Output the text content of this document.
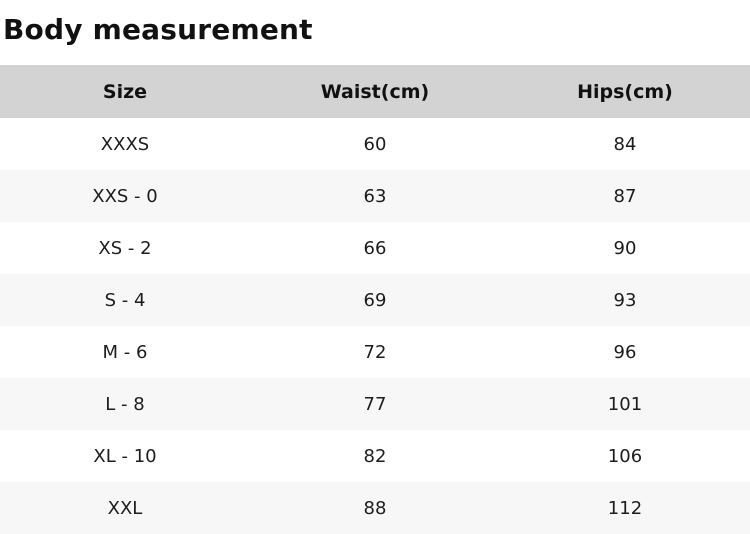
Body measurement
Size	Waist(cm)	Hips(cm)
XXXS	60	84
XXS - 0	63	87
XS - 2	66	90
S - 4	69	93
M - 6	72	96
L - 8	77	101
XL - 10	82	106
XXL	88	112
